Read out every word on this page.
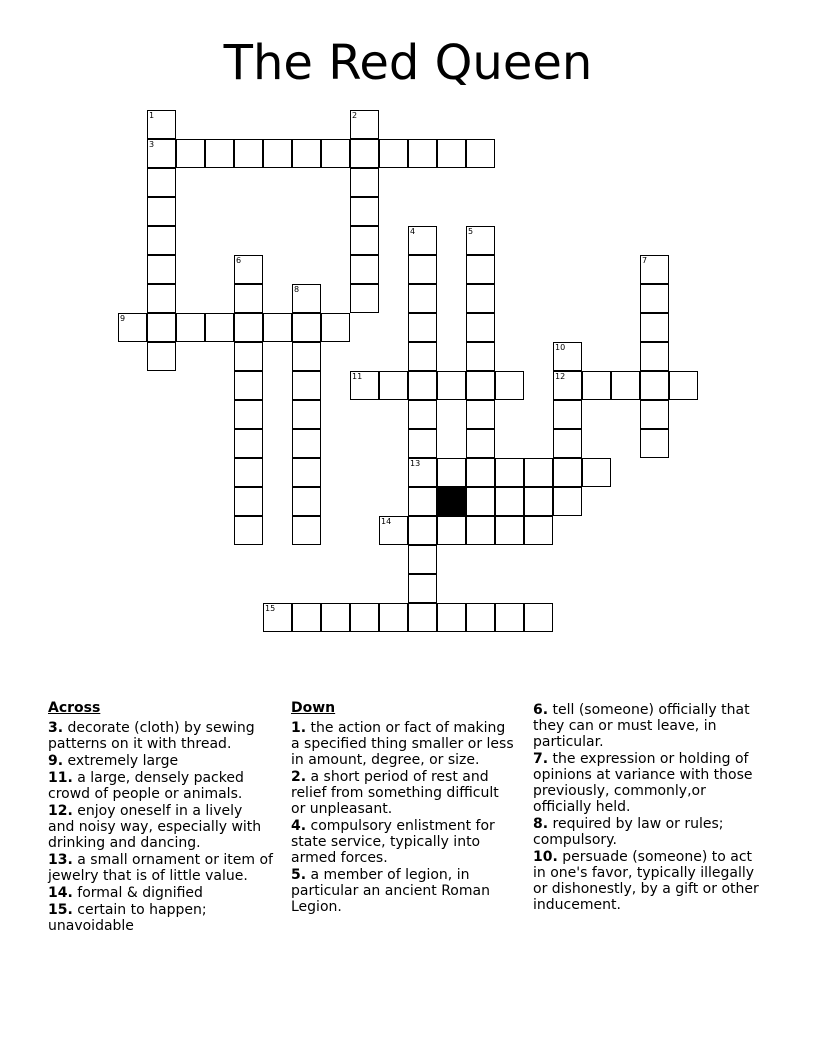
The Red Queen
1
3
2
4
13
5
6	7
8
9
10
12
11
14
15
Across
3. decorate (cloth) by sewing patterns on it with thread.
9. extremely large
11. a large, densely packed crowd of people or animals.
12. enjoy oneself in a lively and noisy way, especially with drinking and dancing.
13. a small ornament or item of jewelry that is of little value.
14. formal & dignified
15. certain to happen; unavoidable
Down
1. the action or fact of making a specified thing smaller or less in amount, degree, or size.
2. a short period of rest and relief from something difficult or unpleasant.
4. compulsory enlistment for state service, typically into armed forces.
5. a member of legion, in particular an ancient Roman Legion.
6. tell (someone) officially that they can or must leave, in particular.
7. the expression or holding of opinions at variance with those previously, commonly,or officially held.
8. required by law or rules; compulsory.
10. persuade (someone) to act in one's favor, typically illegally or dishonestly, by a gift or other inducement.
